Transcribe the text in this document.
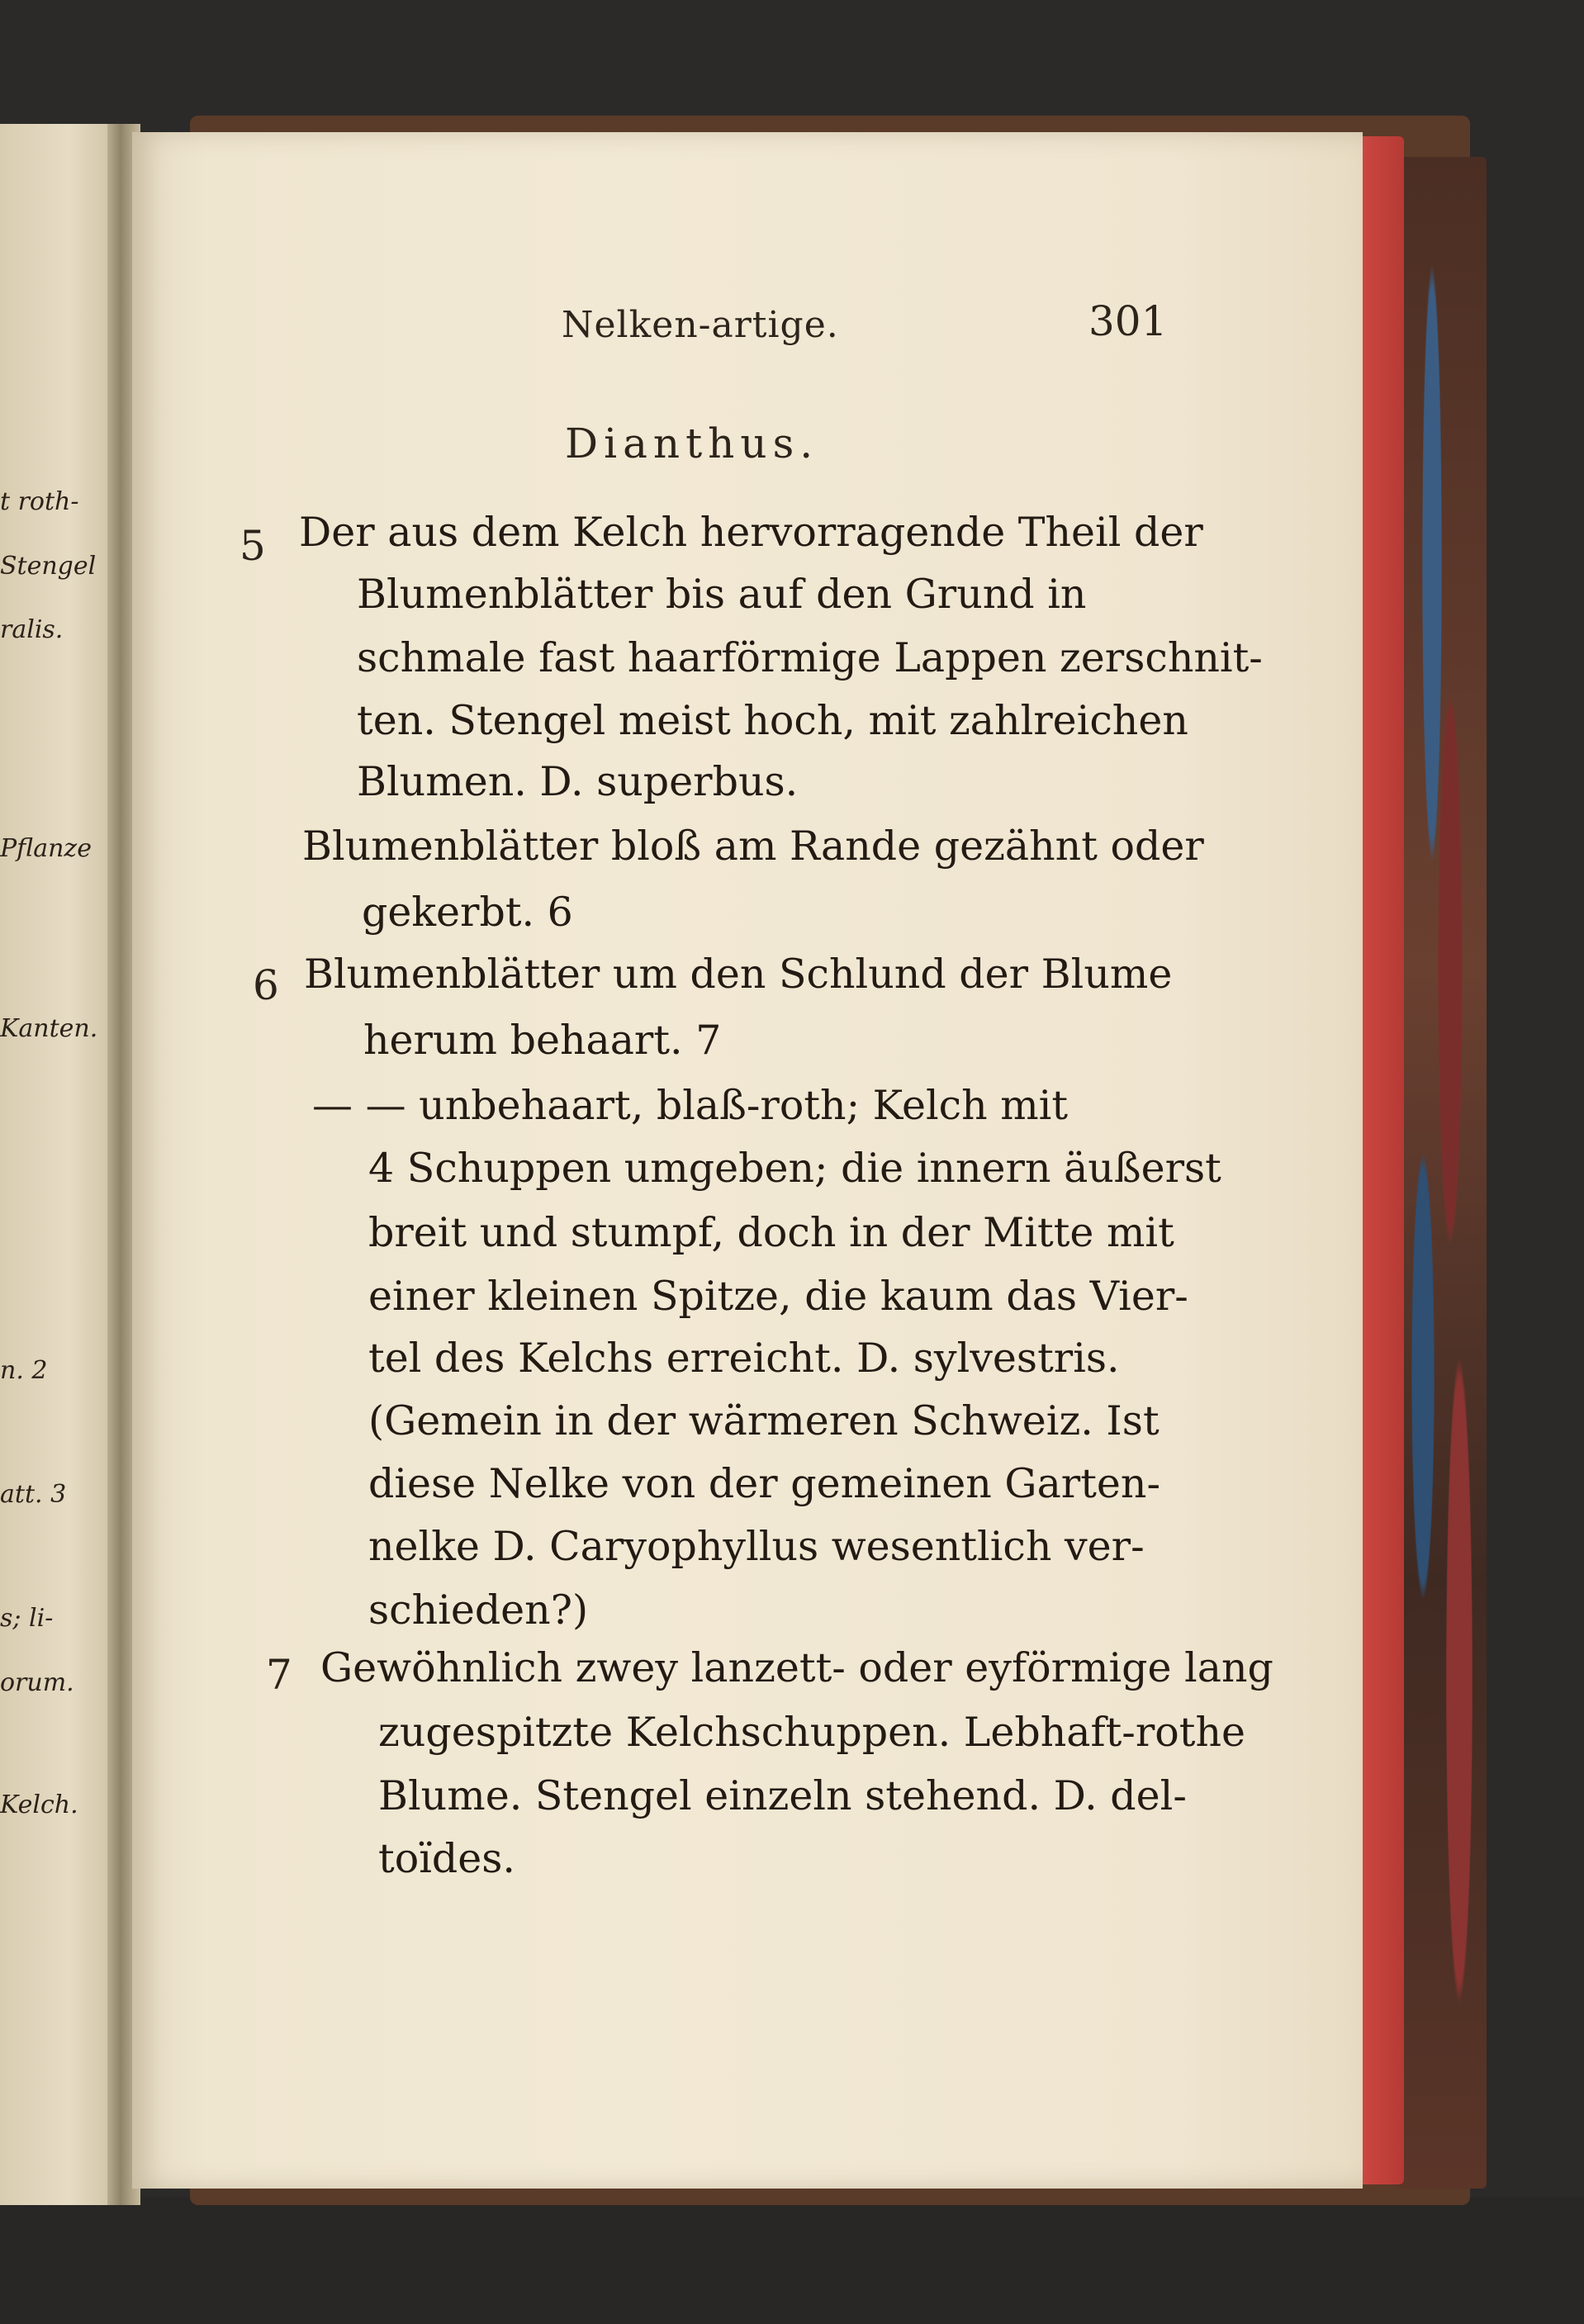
t roth-
Stengel
ralis.
Pflanze
Kanten.
n. 2
att. 3
s; li-
orum.
Kelch.
Nelken-artige.	301
Dianthus.
5 Der aus dem Kelch hervorragende Theil der
Blumenblätter bis auf den Grund in
schmale fast haarförmige Lappen zerschnit-
ten. Stengel meist hoch, mit zahlreichen
Blumen. D. superbus.
Blumenblätter bloß am Rande gezähnt oder
gekerbt. 6
6 Blumenblätter um den Schlund der Blume
herum behaart. 7
— — unbehaart, blaß-roth; Kelch mit
4 Schuppen umgeben; die innern äußerst
breit und stumpf, doch in der Mitte mit
einer kleinen Spitze, die kaum das Vier-
tel des Kelchs erreicht. D. sylvestris.
(Gemein in der wärmeren Schweiz. Ist
diese Nelke von der gemeinen Garten-
nelke D. Caryophyllus wesentlich ver-
schieden?)
7 Gewöhnlich zwey lanzett- oder eyförmige lang
zugespitzte Kelchschuppen. Lebhaft-rothe
Blume. Stengel einzeln stehend. D. del-
toïdes.
